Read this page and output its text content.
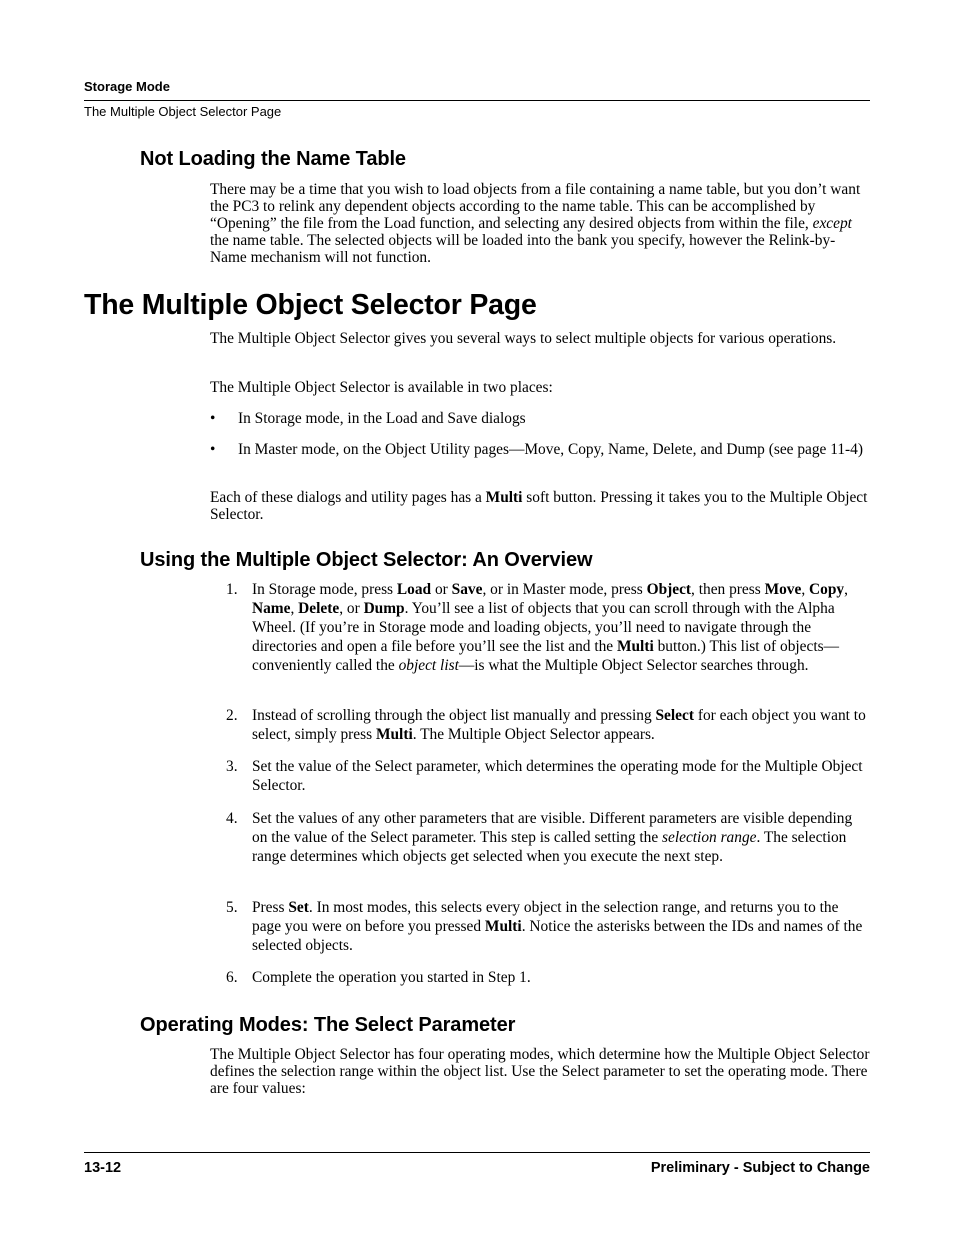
Storage Mode
The Multiple Object Selector Page
Not Loading the Name Table

There may be a time that you wish to load objects from a file containing a name table, but you don’t want the PC3 to relink any dependent objects according to the name table. This can be accomplished by “Opening” the file from the Load function, and selecting any desired objects from within the file, except the name table. The selected objects will be loaded into the bank you specify, however the Relink-by-Name mechanism will not function.

The Multiple Object Selector Page

The Multiple Object Selector gives you several ways to select multiple objects for various operations.

The Multiple Object Selector is available in two places:

• In Storage mode, in the Load and Save dialogs
• In Master mode, on the Object Utility pages—Move, Copy, Name, Delete, and Dump (see page 11-4)

Each of these dialogs and utility pages has a Multi soft button. Pressing it takes you to the Multiple Object Selector.

Using the Multiple Object Selector: An Overview
1. In Storage mode, press Load or Save, or in Master mode, press Object, then press Move, Copy, Name, Delete, or Dump. You’ll see a list of objects that you can scroll through with the Alpha Wheel. (If you’re in Storage mode and loading objects, you’ll need to navigate through the directories and open a file before you’ll see the list and the Multi button.) This list of objects—conveniently called the object list—is what the Multiple Object Selector searches through.
2. Instead of scrolling through the object list manually and pressing Select for each object you want to select, simply press Multi. The Multiple Object Selector appears.
3. Set the value of the Select parameter, which determines the operating mode for the Multiple Object Selector.
4. Set the values of any other parameters that are visible. Different parameters are visible depending on the value of the Select parameter. This step is called setting the selection range. The selection range determines which objects get selected when you execute the next step.
5. Press Set. In most modes, this selects every object in the selection range, and returns you to the page you were on before you pressed Multi. Notice the asterisks between the IDs and names of the selected objects.
6. Complete the operation you started in Step 1.
Operating Modes: The Select Parameter

The Multiple Object Selector has four operating modes, which determine how the Multiple Object Selector defines the selection range within the object list. Use the Select parameter to set the operating mode. There are four values:

13-12	Preliminary - Subject to Change
